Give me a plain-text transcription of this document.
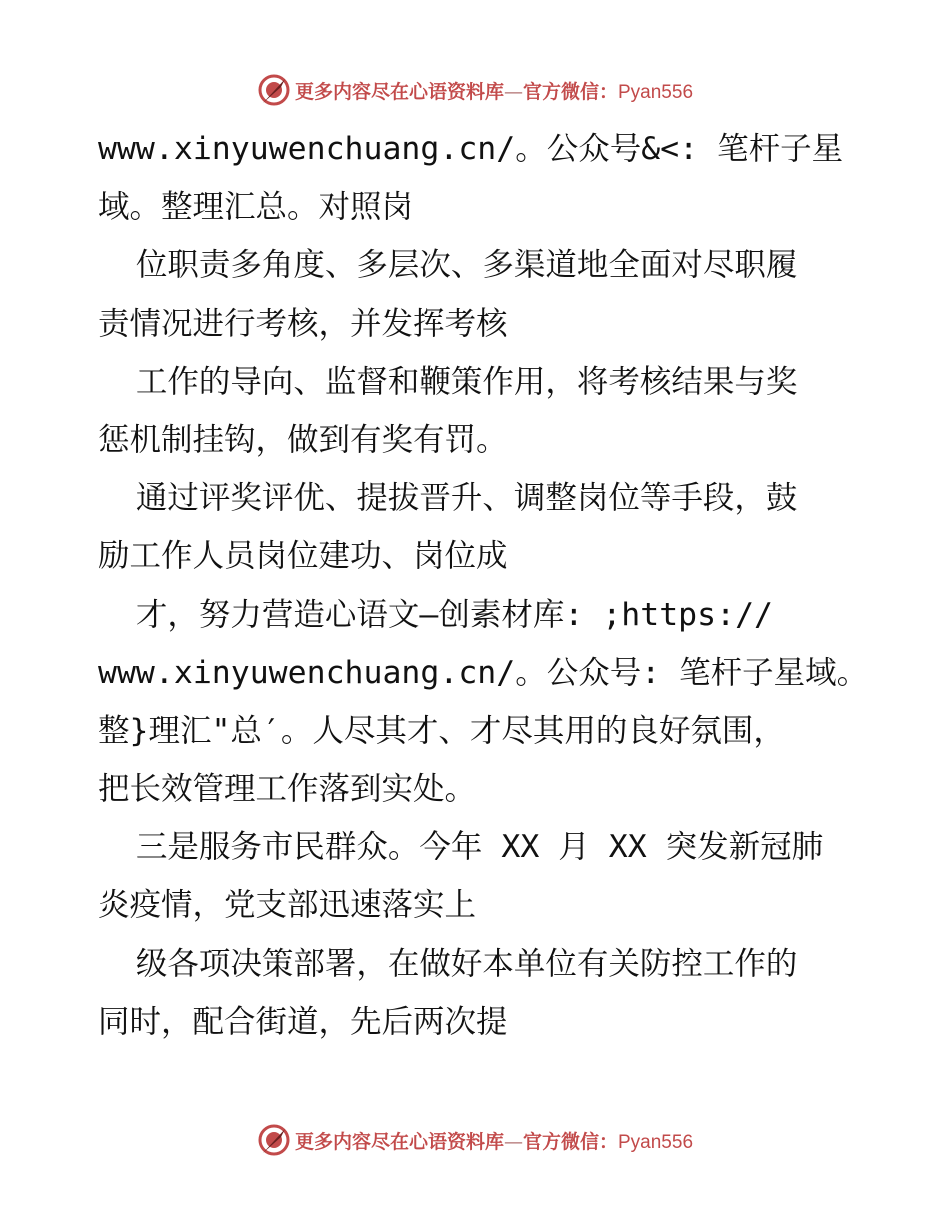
更多内容尽在心语资料库—官方微信：Pyan556
www.xinyuwenchuang.cn/。公众号&<: 笔杆子星
域。整理汇总。对照岗
位职责多角度、多层次、多渠道地全面对尽职履
责情况进行考核，并发挥考核
工作的导向、监督和鞭策作用，将考核结果与奖
惩机制挂钩，做到有奖有罚。
通过评奖评优、提拔晋升、调整岗位等手段，鼓
励工作人员岗位建功、岗位成
才，努力营造心语文—创素材库: ;https://
www.xinyuwenchuang.cn/。公众号: 笔杆子星域。
整}理汇"总′。人尽其才、才尽其用的良好氛围，
把长效管理工作落到实处。
三是服务市民群众。今年 XX 月 XX 突发新冠肺
炎疫情，党支部迅速落实上
级各项决策部署，在做好本单位有关防控工作的
同时，配合街道，先后两次提
更多内容尽在心语资料库—官方微信：Pyan556
